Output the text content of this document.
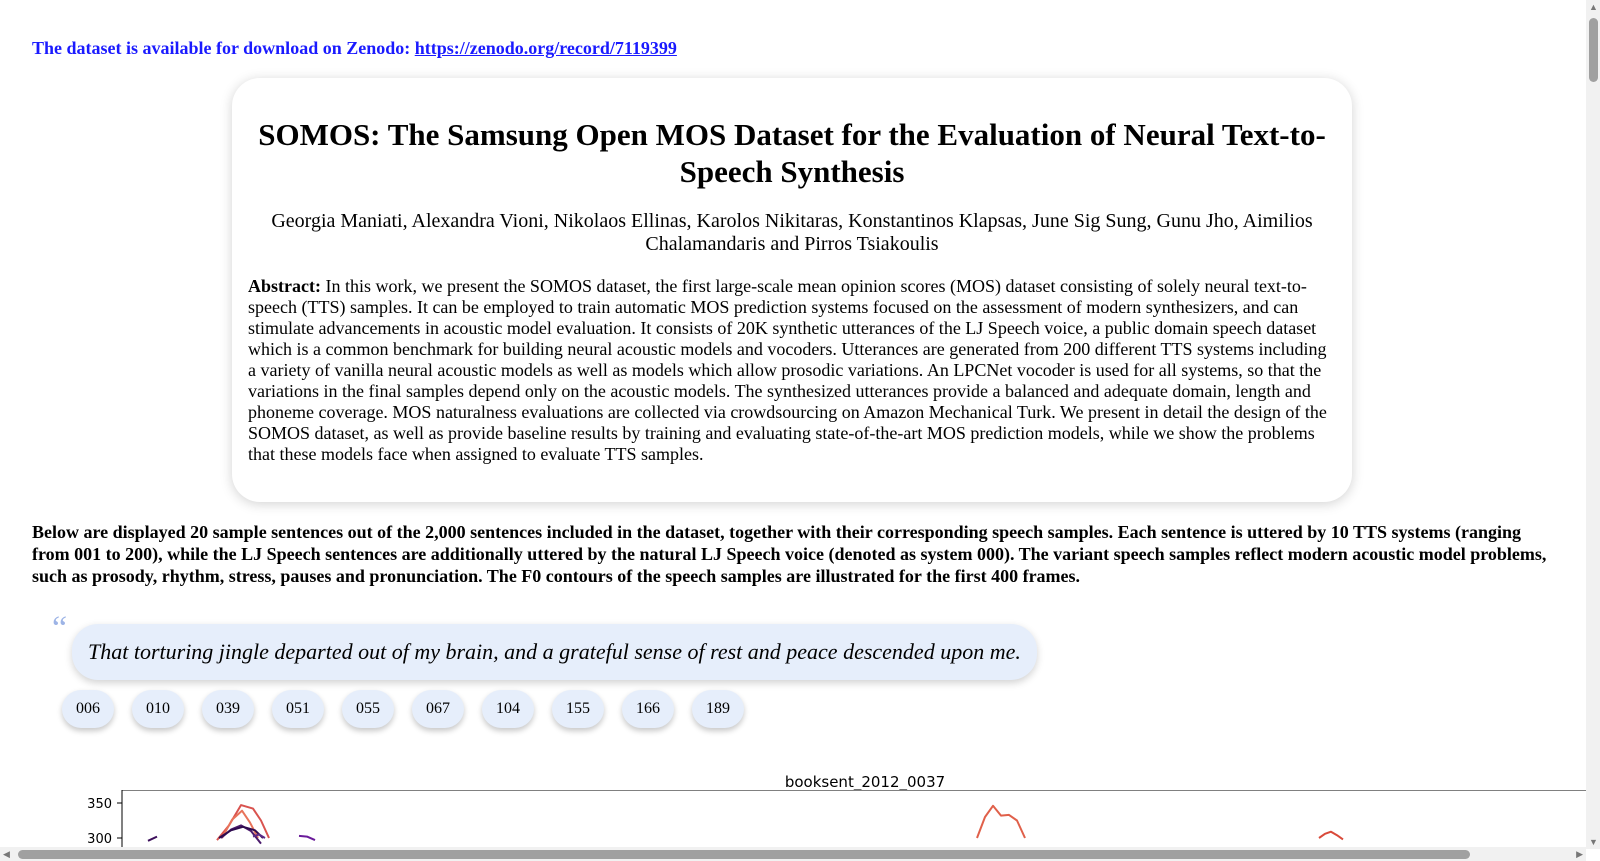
The dataset is available for download on Zenodo: https://zenodo.org/record/7119399
SOMOS: The Samsung Open MOS Dataset for the Evaluation of Neural Text-to-Speech Synthesis
Georgia Maniati, Alexandra Vioni, Nikolaos Ellinas, Karolos Nikitaras, Konstantinos Klapsas, June Sig Sung, Gunu Jho, Aimilios Chalamandaris and Pirros Tsiakoulis
Abstract: In this work, we present the SOMOS dataset, the first large-scale mean opinion scores (MOS) dataset consisting of solely neural text-to-speech (TTS) samples. It can be employed to train automatic MOS prediction systems focused on the assessment of modern synthesizers, and can stimulate advancements in acoustic model evaluation. It consists of 20K synthetic utterances of the LJ Speech voice, a public domain speech dataset which is a common benchmark for building neural acoustic models and vocoders. Utterances are generated from 200 different TTS systems including a variety of vanilla neural acoustic models as well as models which allow prosodic variations. An LPCNet vocoder is used for all systems, so that the variations in the final samples depend only on the acoustic models. The synthesized utterances provide a balanced and adequate domain, length and phoneme coverage. MOS naturalness evaluations are collected via crowdsourcing on Amazon Mechanical Turk. We present in detail the design of the SOMOS dataset, as well as provide baseline results by training and evaluating state-of-the-art MOS prediction models, while we show the problems that these models face when assigned to evaluate TTS samples.
Below are displayed 20 sample sentences out of the 2,000 sentences included in the dataset, together with their corresponding speech samples. Each sentence is uttered by 10 TTS systems (ranging from 001 to 200), while the LJ Speech sentences are additionally uttered by the natural LJ Speech voice (denoted as system 000). The variant speech samples reflect modern acoustic model problems, such as prosody, rhythm, stress, pauses and pronunciation. The F0 contours of the speech samples are illustrated for the first 400 frames.
“
That torturing jingle departed out of my brain, and a grateful sense of rest and peace descended upon me.
006	010	039	051	055	067	104	155	166	189
booksent_2012_0037
350
300
▲
▼
◀	▶
